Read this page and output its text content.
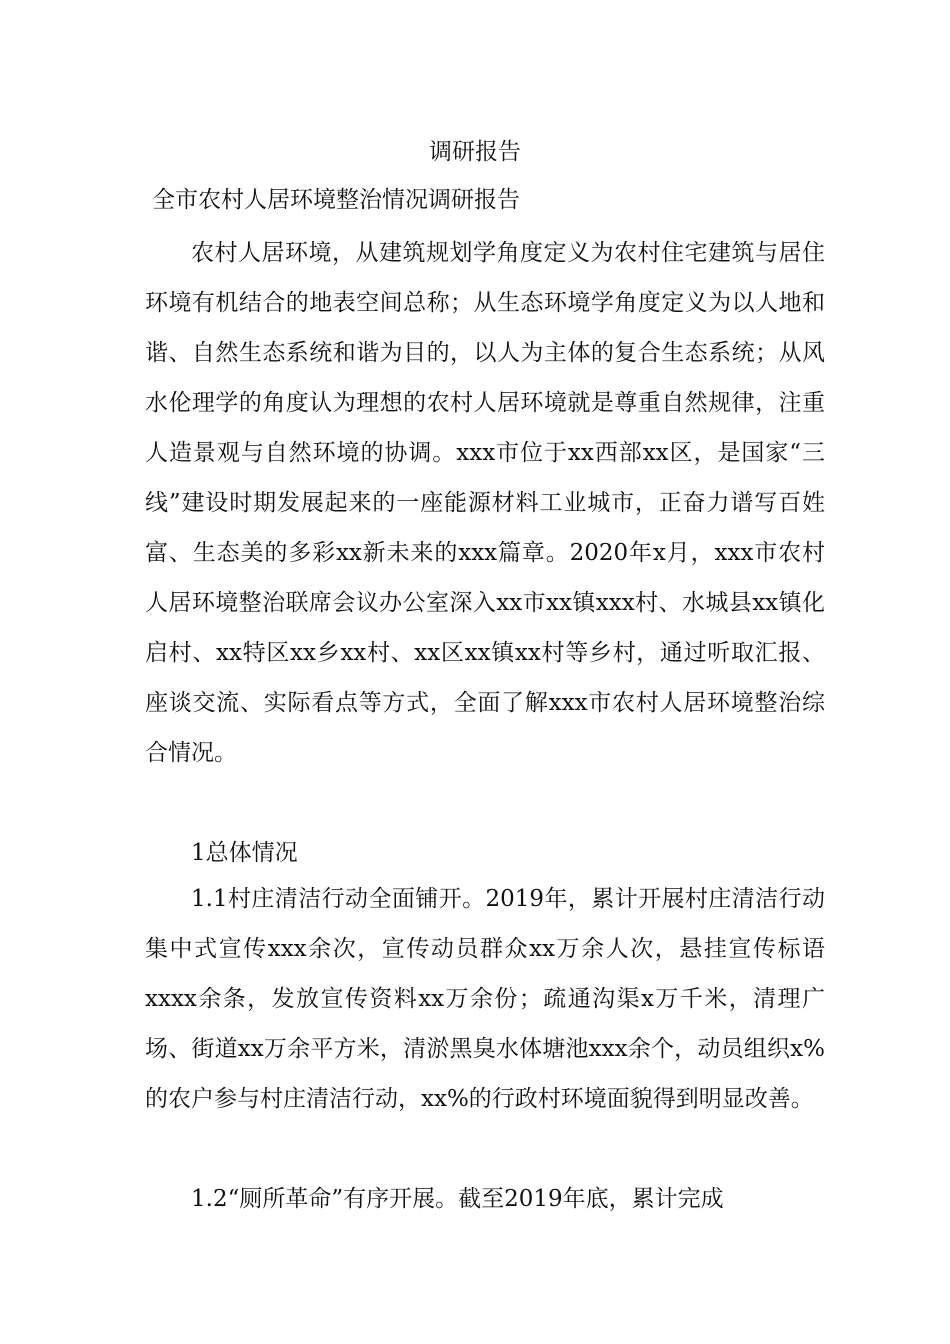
调研报告
全市农村人居环境整治情况调研报告

农村人居环境，从建筑规划学角度定义为农村住宅建筑与居住环境有机结合的地表空间总称；从生态环境学角度定义为以人地和谐、自然生态系统和谐为目的，以人为主体的复合生态系统；从风水伦理学的角度认为理想的农村人居环境就是尊重自然规律，注重人造景观与自然环境的协调。xxx市位于xx西部xx区，是国家“三线”建设时期发展起来的一座能源材料工业城市，正奋力谱写百姓富、生态美的多彩xx新未来的xxx篇章。2020年x月，xxx市农村人居环境整治联席会议办公室深入xx市xx镇xxx村、水城县xx镇化启村、xx特区xx乡xx村、xx区xx镇xx村等乡村，通过听取汇报、座谈交流、实际看点等方式，全面了解xxx市农村人居环境整治综合情况。

1总体情况

1.1村庄清洁行动全面铺开。2019年，累计开展村庄清洁行动集中式宣传xxx余次，宣传动员群众xx万余人次，悬挂宣传标语xxxx余条，发放宣传资料xx万余份；疏通沟渠x万千米，清理广场、街道xx万余平方米，清淤黑臭水体塘池xxx余个，动员组织x%的农户参与村庄清洁行动，xx%的行政村环境面貌得到明显改善。

1.2“厕所革命”有序开展。截至2019年底，累计完成
